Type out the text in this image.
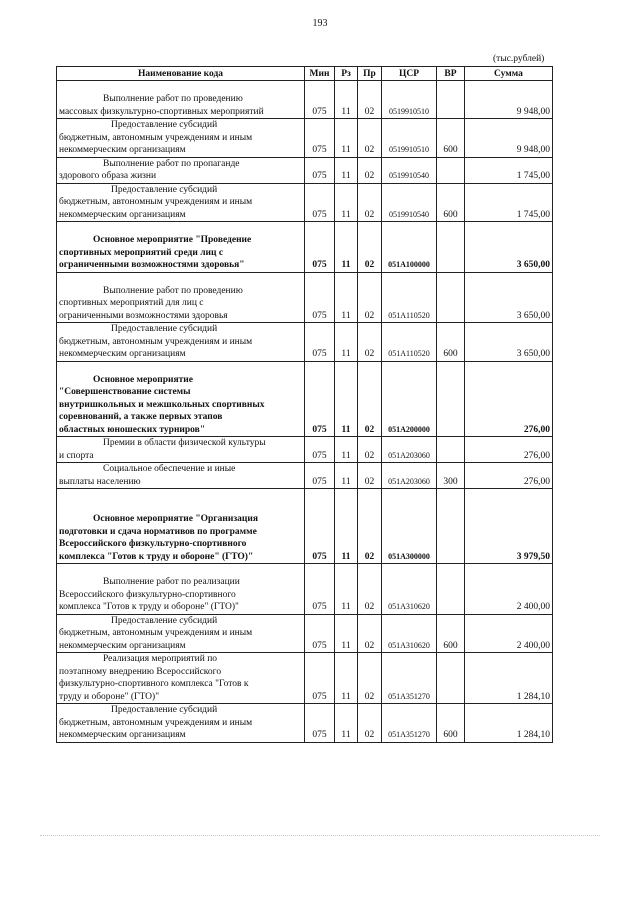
193
(тыс.рублей)
Наименование кода	Мин	Рз	Пр	ЦСР	ВР	Сумма

Выполнение работ по проведению
массовых физкультурно-спортивных мероприятий	075	11	02	0519910510		9 948,00

Предоставление субсидий
бюджетным, автономным учреждениям и иным
некоммерческим организациям	075	11	02	0519910510	600	9 948,00

Выполнение работ по пропаганде
здорового образа жизни	075	11	02	0519910540		1 745,00

Предоставление субсидий
бюджетным, автономным учреждениям и иным
некоммерческим организациям	075	11	02	0519910540	600	1 745,00

Основное мероприятие "Проведение
спортивных мероприятий среди лиц с
ограниченными возможностями здоровья"	075	11	02	051A100000		3 650,00

Выполнение работ по проведению
спортивных мероприятий для лиц с
ограниченными возможностями здоровья	075	11	02	051A110520		3 650,00

Предоставление субсидий
бюджетным, автономным учреждениям и иным
некоммерческим организациям	075	11	02	051A110520	600	3 650,00

Основное мероприятие
"Совершенствование системы
внутришкольных и межшкольных спортивных
соревнований, а также первых этапов
областных юношеских турниров"	075	11	02	051A200000		276,00

Премии в области физической культуры
и спорта	075	11	02	051A203060		276,00

Социальное обеспечение и иные
выплаты населению	075	11	02	051A203060	300	276,00

Основное мероприятие "Организация
подготовки и сдача нормативов по программе
Всероссийского физкультурно-спортивного
комплекса "Готов к труду и обороне" (ГТО)"	075	11	02	051A300000		3 979,50

Выполнение работ по реализации
Всероссийского физкультурно-спортивного
комплекса "Готов к труду и обороне" (ГТО)"	075	11	02	051A310620		2 400,00

Предоставление субсидий
бюджетным, автономным учреждениям и иным
некоммерческим организациям	075	11	02	051A310620	600	2 400,00

Реализация мероприятий по
поэтапному внедрению Всероссийского
физкультурно-спортивного комплекса "Готов к
труду и обороне" (ГТО)"	075	11	02	051A351270		1 284,10

Предоставление субсидий
бюджетным, автономным учреждениям и иным
некоммерческим организациям	075	11	02	051A351270	600	1 284,10
